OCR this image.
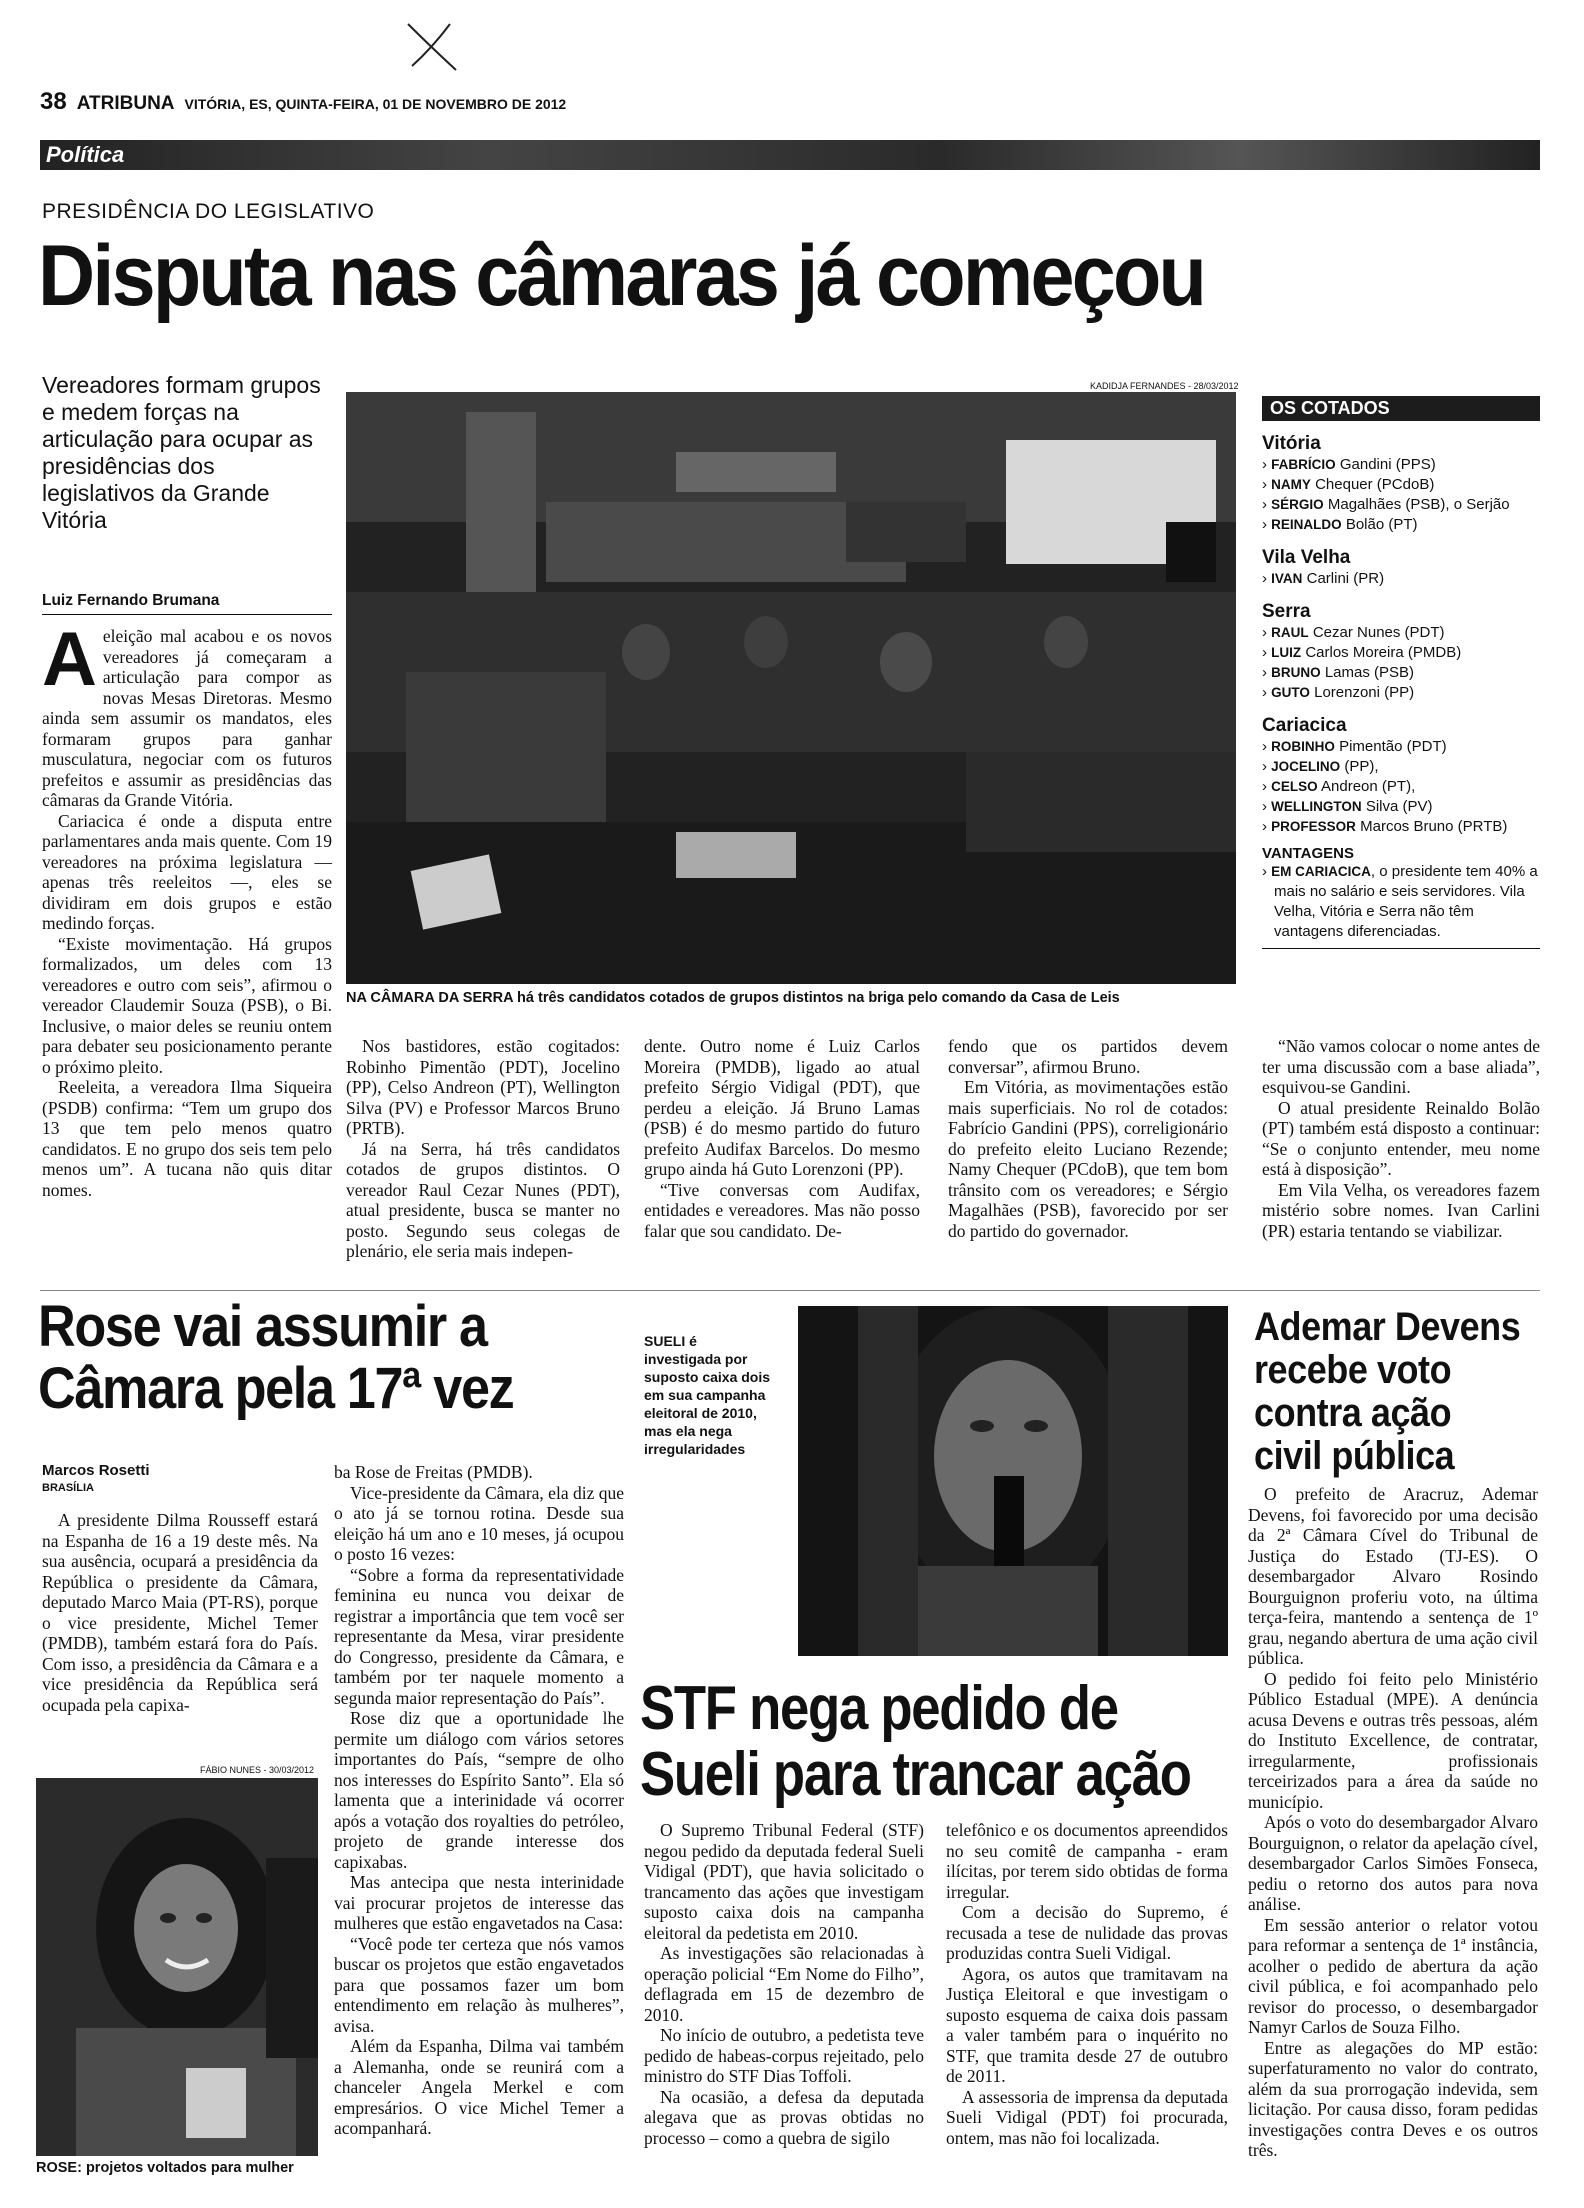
38 ATRIBUNA VITÓRIA, ES, QUINTA-FEIRA, 01 DE NOVEMBRO DE 2012
Política
PRESIDÊNCIA DO LEGISLATIVO
Disputa nas câmaras já começou
Vereadores formam grupos e medem forças na articulação para ocupar as presidências dos legislativos da Grande Vitória
Luiz Fernando Brumana
KADIDJA FERNANDES - 28/03/2012
NA CÂMARA DA SERRA há três candidatos cotados de grupos distintos na briga pelo comando da Casa de Leis

Aeleição mal acabou e os novos vereadores já começaram a articulação para compor as novas Mesas Diretoras. Mesmo ainda sem assumir os mandatos, eles formaram grupos para ganhar musculatura, negociar com os futuros prefeitos e assumir as presidências das câmaras da Grande Vitória.

Cariacica é onde a disputa entre parlamentares anda mais quente. Com 19 vereadores na próxima legislatura — apenas três reeleitos —, eles se dividiram em dois grupos e estão medindo forças.

“Existe movimentação. Há grupos formalizados, um deles com 13 vereadores e outro com seis”, afirmou o vereador Claudemir Souza (PSB), o Bi. Inclusive, o maior deles se reuniu ontem para debater seu posicionamento perante o próximo pleito.

Reeleita, a vereadora Ilma Siqueira (PSDB) confirma: “Tem um grupo dos 13 que tem pelo menos quatro candidatos. E no grupo dos seis tem pelo menos um”. A tucana não quis ditar nomes.

Nos bastidores, estão cogitados: Robinho Pimentão (PDT), Jocelino (PP), Celso Andreon (PT), Wellington Silva (PV) e Professor Marcos Bruno (PRTB).

Já na Serra, há três candidatos cotados de grupos distintos. O vereador Raul Cezar Nunes (PDT), atual presidente, busca se manter no posto. Segundo seus colegas de plenário, ele seria mais indepen-

dente. Outro nome é Luiz Carlos Moreira (PMDB), ligado ao atual prefeito Sérgio Vidigal (PDT), que perdeu a eleição. Já Bruno Lamas (PSB) é do mesmo partido do futuro prefeito Audifax Barcelos. Do mesmo grupo ainda há Guto Lorenzoni (PP).

“Tive conversas com Audifax, entidades e vereadores. Mas não posso falar que sou candidato. De-

fendo que os partidos devem conversar”, afirmou Bruno.

Em Vitória, as movimentações estão mais superficiais. No rol de cotados: Fabrício Gandini (PPS), correligionário do prefeito eleito Luciano Rezende; Namy Chequer (PCdoB), que tem bom trânsito com os vereadores; e Sérgio Magalhães (PSB), favorecido por ser do partido do governador.

“Não vamos colocar o nome antes de ter uma discussão com a base aliada”, esquivou-se Gandini.

O atual presidente Reinaldo Bolão (PT) também está disposto a continuar: “Se o conjunto entender, meu nome está à disposição”.

Em Vila Velha, os vereadores fazem mistério sobre nomes. Ivan Carlini (PR) estaria tentando se viabilizar.

OS COTADOS
Vitória
› FABRÍCIO Gandini (PPS)
› NAMY Chequer (PCdoB)
› SÉRGIO Magalhães (PSB), o Serjão
› REINALDO Bolão (PT)
Vila Velha
› IVAN Carlini (PR)
Serra
› RAUL Cezar Nunes (PDT)
› LUIZ Carlos Moreira (PMDB)
› BRUNO Lamas (PSB)
› GUTO Lorenzoni (PP)
Cariacica
› ROBINHO Pimentão (PDT)
› JOCELINO (PP),
› CELSO Andreon (PT),
› WELLINGTON Silva (PV)
› PROFESSOR Marcos Bruno (PRTB)
VANTAGENS
› EM CARIACICA, o presidente tem 40% a mais no salário e seis servidores. Vila Velha, Vitória e Serra não têm vantagens diferenciadas.
Rose vai assumir a
Câmara pela 17ª vez
Marcos Rosetti
BRASÍLIA

A presidente Dilma Rousseff estará na Espanha de 16 a 19 deste mês. Na sua ausência, ocupará a presidência da República o presidente da Câmara, deputado Marco Maia (PT-RS), porque o vice presidente, Michel Temer (PMDB), também estará fora do País. Com isso, a presidência da Câmara e a vice presidência da República será ocupada pela capixa-

ba Rose de Freitas (PMDB).

Vice-presidente da Câmara, ela diz que o ato já se tornou rotina. Desde sua eleição há um ano e 10 meses, já ocupou o posto 16 vezes:

“Sobre a forma da representatividade feminina eu nunca vou deixar de registrar a importância que tem você ser representante da Mesa, virar presidente do Congresso, presidente da Câmara, e também por ter naquele momento a segunda maior representação do País”.

Rose diz que a oportunidade lhe permite um diálogo com vários setores importantes do País, “sempre de olho nos interesses do Espírito Santo”. Ela só lamenta que a interinidade vá ocorrer após a votação dos royalties do petróleo, projeto de grande interesse dos capixabas.

Mas antecipa que nesta interinidade vai procurar projetos de interesse das mulheres que estão engavetados na Casa:

“Você pode ter certeza que nós vamos buscar os projetos que estão engavetados para que possamos fazer um bom entendimento em relação às mulheres”, avisa.

Além da Espanha, Dilma vai também a Alemanha, onde se reunirá com a chanceler Angela Merkel e com empresários. O vice Michel Temer a acompanhará.

FÁBIO NUNES - 30/03/2012
ROSE: projetos voltados para mulher
SUELI é investigada por suposto caixa dois em sua campanha eleitoral de 2010, mas ela nega irregularidades
STF nega pedido de
Sueli para trancar ação

O Supremo Tribunal Federal (STF) negou pedido da deputada federal Sueli Vidigal (PDT), que havia solicitado o trancamento das ações que investigam suposto caixa dois na campanha eleitoral da pedetista em 2010.

As investigações são relacionadas à operação policial “Em Nome do Filho”, deflagrada em 15 de dezembro de 2010.

No início de outubro, a pedetista teve pedido de habeas-corpus rejeitado, pelo ministro do STF Dias Toffoli.

Na ocasião, a defesa da deputada alegava que as provas obtidas no processo – como a quebra de sigilo

telefônico e os documentos apreendidos no seu comitê de campanha - eram ilícitas, por terem sido obtidas de forma irregular.

Com a decisão do Supremo, é recusada a tese de nulidade das provas produzidas contra Sueli Vidigal.

Agora, os autos que tramitavam na Justiça Eleitoral e que investigam o suposto esquema de caixa dois passam a valer também para o inquérito no STF, que tramita desde 27 de outubro de 2011.

A assessoria de imprensa da deputada Sueli Vidigal (PDT) foi procurada, ontem, mas não foi localizada.

Ademar Devens
recebe voto
contra ação
civil pública

O prefeito de Aracruz, Ademar Devens, foi favorecido por uma decisão da 2ª Câmara Cível do Tribunal de Justiça do Estado (TJ-ES). O desembargador Alvaro Rosindo Bourguignon proferiu voto, na última terça-feira, mantendo a sentença de 1º grau, negando abertura de uma ação civil pública.

O pedido foi feito pelo Ministério Público Estadual (MPE). A denúncia acusa Devens e outras três pessoas, além do Instituto Excellence, de contratar, irregularmente, profissionais terceirizados para a área da saúde no município.

Após o voto do desembargador Alvaro Bourguignon, o relator da apelação cível, desembargador Carlos Simões Fonseca, pediu o retorno dos autos para nova análise.

Em sessão anterior o relator votou para reformar a sentença de 1ª instância, acolher o pedido de abertura da ação civil pública, e foi acompanhado pelo revisor do processo, o desembargador Namyr Carlos de Souza Filho.

Entre as alegações do MP estão: superfaturamento no valor do contrato, além da sua prorrogação indevida, sem licitação. Por causa disso, foram pedidas investigações contra Deves e os outros três.
